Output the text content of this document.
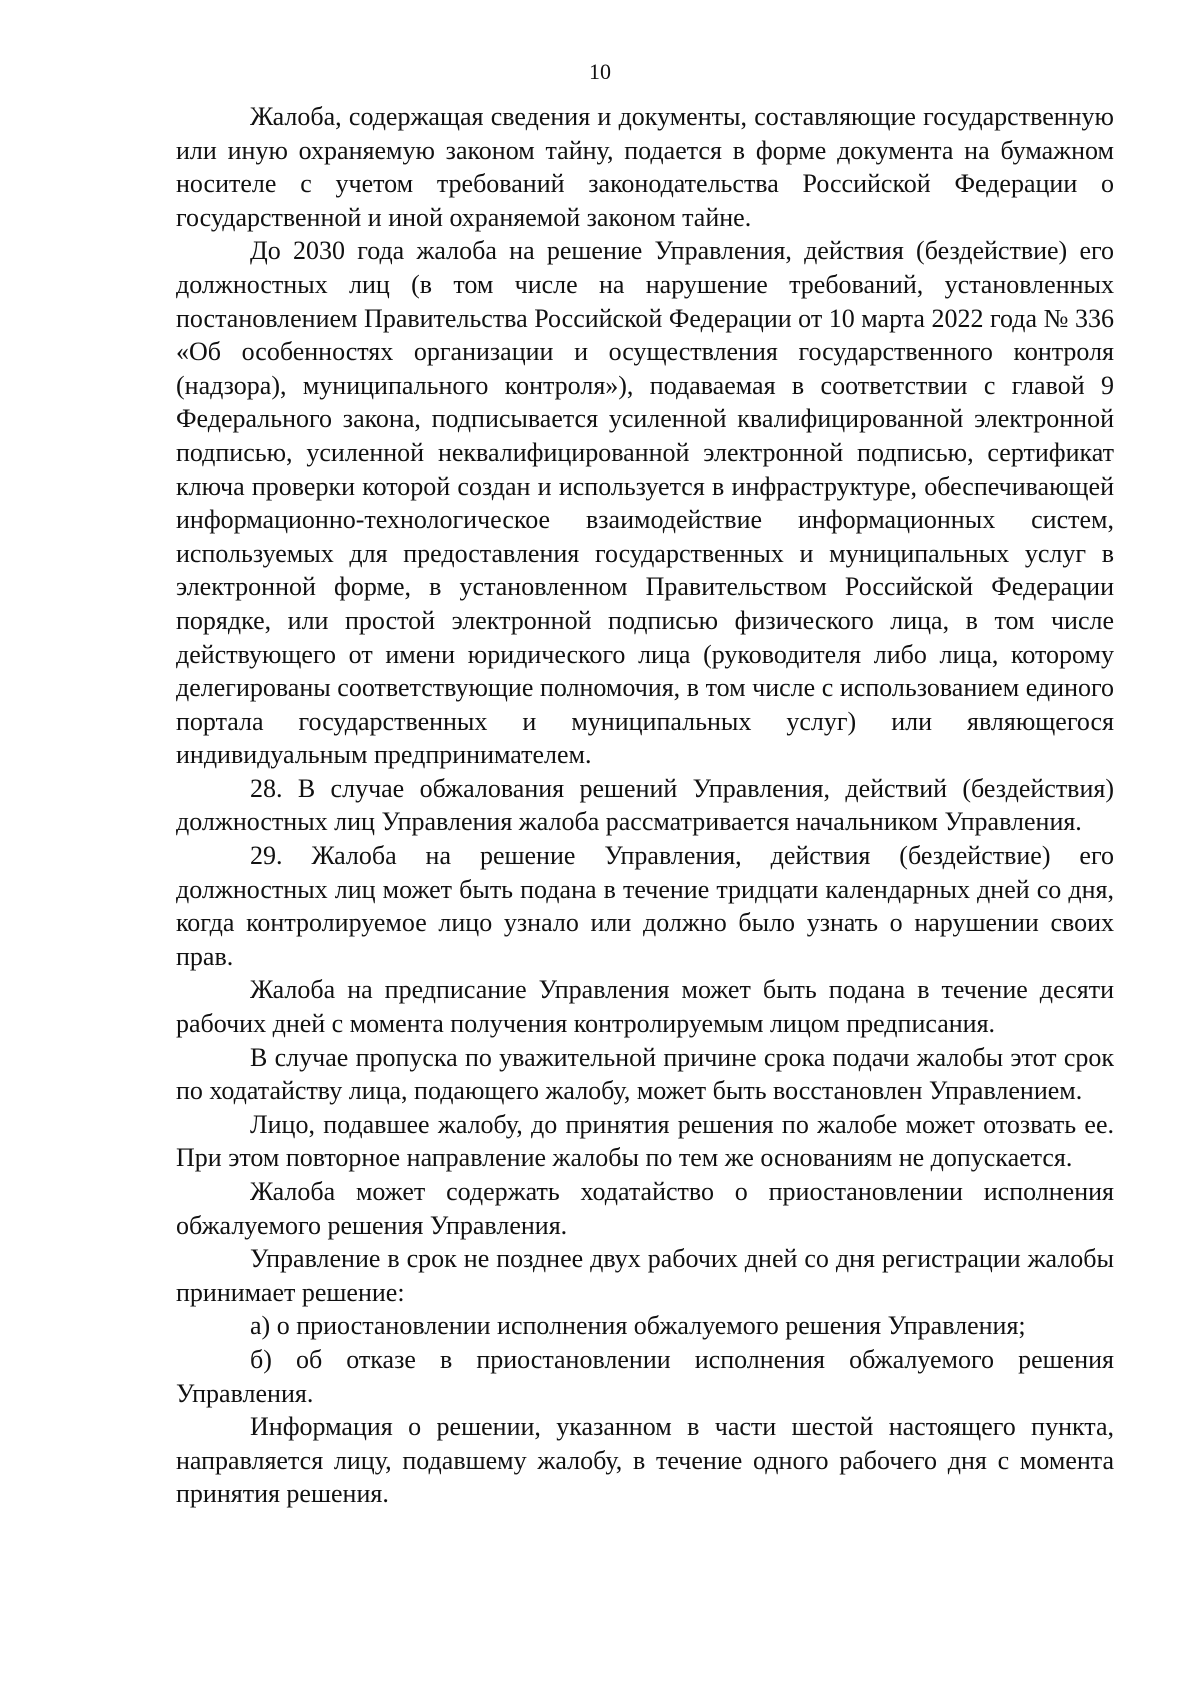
10

Жалоба, содержащая сведения и документы, составляющие государственную или иную охраняемую законом тайну, подается в форме документа на бумажном носителе с учетом требований законодательства Российской Федерации о государственной и иной охраняемой законом тайне.

До 2030 года жалоба на решение Управления, действия (бездействие) его должностных лиц (в том числе на нарушение требований, установленных постановлением Правительства Российской Федерации от 10 марта 2022 года № 336 «Об особенностях организации и осуществления государственного контроля (надзора), муниципального контроля»), подаваемая в соответствии с главой 9 Федерального закона, подписывается усиленной квалифицированной электронной подписью, усиленной неквалифицированной электронной подписью, сертификат ключа проверки которой создан и используется в инфраструктуре, обеспечивающей информационно-технологическое взаимодействие информационных систем, используемых для предоставления государственных и муниципальных услуг в электронной форме, в установленном Правительством Российской Федерации порядке, или простой электронной подписью физического лица, в том числе действующего от имени юридического лица (руководителя либо лица, которому делегированы соответствующие полномочия, в том числе с использованием единого портала государственных и муниципальных услуг) или являющегося индивидуальным предпринимателем.

28. В случае обжалования решений Управления, действий (бездействия) должностных лиц Управления жалоба рассматривается начальником Управления.

29. Жалоба на решение Управления, действия (бездействие) его должностных лиц может быть подана в течение тридцати календарных дней со дня, когда контролируемое лицо узнало или должно было узнать о нарушении своих прав.

Жалоба на предписание Управления может быть подана в течение десяти рабочих дней с момента получения контролируемым лицом предписания.

В случае пропуска по уважительной причине срока подачи жалобы этот срок по ходатайству лица, подающего жалобу, может быть восстановлен Управлением.

Лицо, подавшее жалобу, до принятия решения по жалобе может отозвать ее. При этом повторное направление жалобы по тем же основаниям не допускается.

Жалоба может содержать ходатайство о приостановлении исполнения обжалуемого решения Управления.

Управление в срок не позднее двух рабочих дней со дня регистрации жалобы принимает решение:

а) о приостановлении исполнения обжалуемого решения Управления;

б) об отказе в приостановлении исполнения обжалуемого решения Управления.

Информация о решении, указанном в части шестой настоящего пункта, направляется лицу, подавшему жалобу, в течение одного рабочего дня с момента принятия решения.
